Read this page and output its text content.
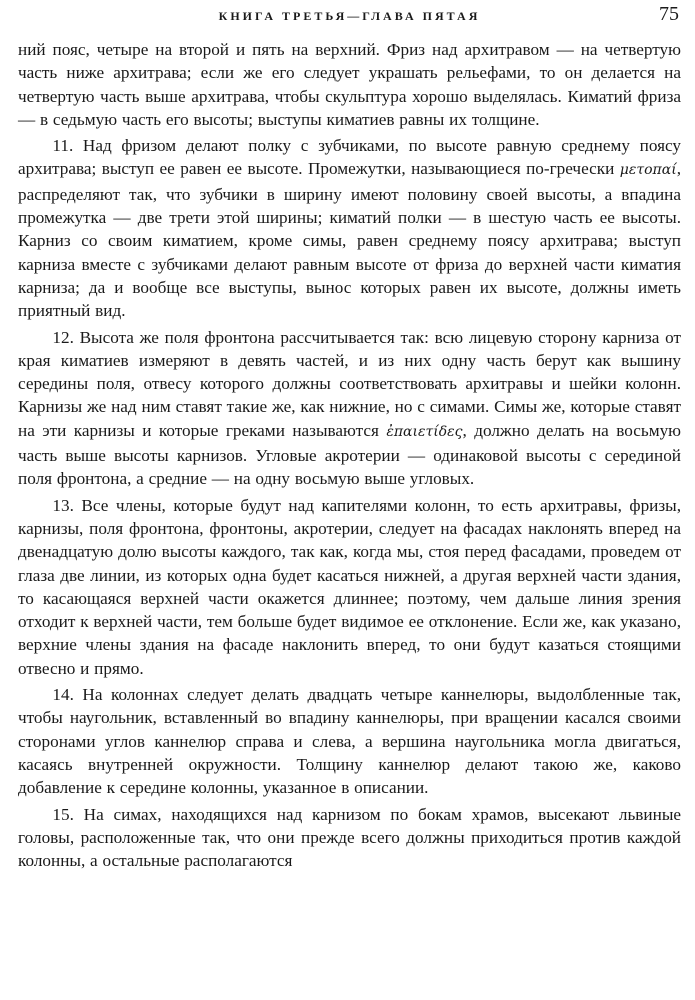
КНИГА ТРЕТЬЯ—ГЛАВА ПЯТАЯ	75

ний пояс, четыре на второй и пять на верхний. Фриз над архитравом — на четвертую часть ниже архитрава; если же его следует украшать рельефами, то он делается на четвертую часть выше архитрава, чтобы скульптура хорошо выделялась. Киматий фриза — в седьмую часть его высоты; выступы киматиев равны их толщине.

11. Над фризом делают полку с зубчиками, по высоте равную среднему поясу архитрава; выступ ее равен ее высоте. Промежутки, называющиеся по-гречески μετοπαί, распределяют так, что зубчики в ширину имеют половину своей высоты, а впадина промежутка — две трети этой ширины; киматий полки — в шестую часть ее высоты. Карниз со своим киматием, кроме симы, равен среднему поясу архитрава; выступ карниза вместе с зубчиками делают равным высоте от фриза до верхней части киматия карниза; да и вообще все выступы, вынос которых равен их высоте, должны иметь приятный вид.

12. Высота же поля фронтона рассчитывается так: всю лицевую сторону карниза от края киматиев измеряют в девять частей, и из них одну часть берут как вышину середины поля, отвесу которого должны соответствовать архитравы и шейки колонн. Карнизы же над ним ставят такие же, как нижние, но с симами. Симы же, которые ставят на эти карнизы и которые греками называются ἐπαιετίδες, должно делать на восьмую часть выше высоты карнизов. Угловые акротерии — одинаковой высоты с серединой поля фронтона, а средние — на одну восьмую выше угловых.

13. Все члены, которые будут над капителями колонн, то есть архитравы, фризы, карнизы, поля фронтона, фронтоны, акротерии, следует на фасадах наклонять вперед на двенадцатую долю высоты каждого, так как, когда мы, стоя перед фасадами, проведем от глаза две линии, из которых одна будет касаться нижней, а другая верхней части здания, то касающаяся верхней части окажется длиннее; поэтому, чем дальше линия зрения отходит к верхней части, тем больше будет видимое ее отклонение. Если же, как указано, верхние члены здания на фасаде наклонить вперед, то они будут казаться стоящими отвесно и прямо.

14. На колоннах следует делать двадцать четыре каннелюры, выдолбленные так, чтобы наугольник, вставленный во впадину каннелюры, при вращении касался своими сторонами углов каннелюр справа и слева, а вершина наугольника могла двигаться, касаясь внутренней окружности. Толщину каннелюр делают такою же, каково добавление к середине колонны, указанное в описании.

15. На симах, находящихся над карнизом по бокам храмов, высекают львиные головы, расположенные так, что они прежде всего должны приходиться против каждой колонны, а остальные располагаются
